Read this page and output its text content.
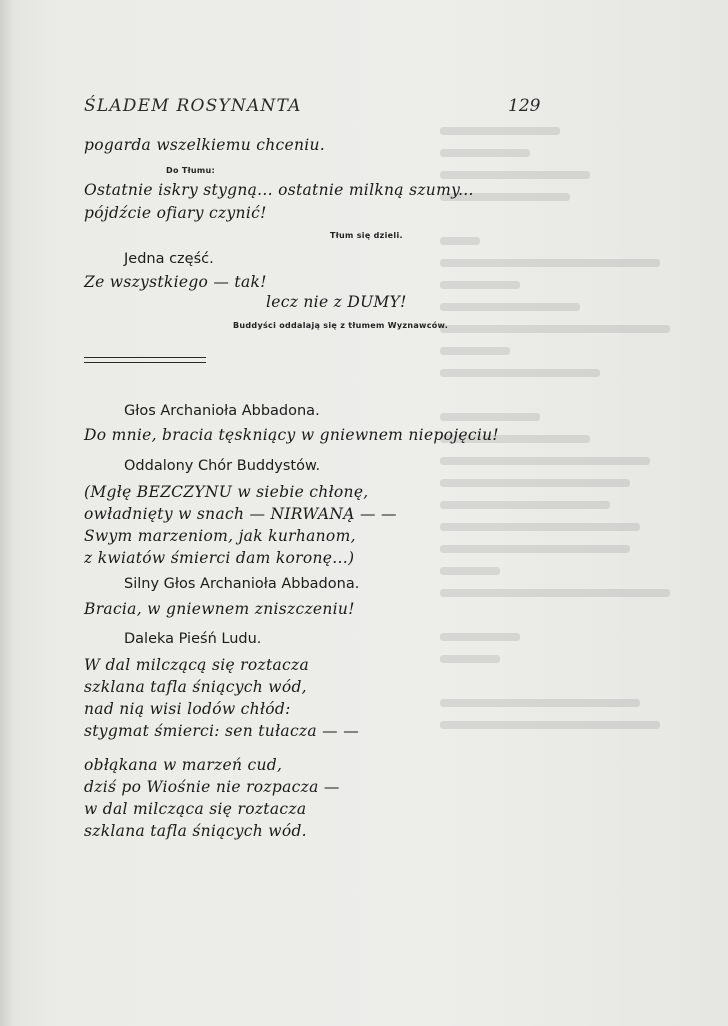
ŚLADEM ROSYNANTA	129
pogarda wszelkiemu chceniu.
Do Tłumu:
Ostatnie iskry stygną... ostatnie milkną szumy...
pójdźcie ofiary czynić!
Tłum się dzieli.
Jedna część.
Ze wszystkiego — tak!
lecz nie z DUMY!
Buddyści oddalają się z tłumem Wyznawców.
Głos Archanioła Abbadona.
Do mnie, bracia tęskniący w gniewnem niepojęciu!
Oddalony Chór Buddystów.
(Mgłę BEZCZYNU w siebie chłonę,
owładnięty w snach — NIRWANĄ — —
Swym marzeniom, jak kurhanom,
z kwiatów śmierci dam koronę...)
Silny Głos Archanioła Abbadona.
Bracia, w gniewnem zniszczeniu!
Daleka Pieśń Ludu.
W dal milczącą się roztacza
szklana tafla śniących wód,
nad nią wisi lodów chłód:
stygmat śmierci: sen tułacza — —
obłąkana w marzeń cud,
dziś po Wiośnie nie rozpacza —
w dal milcząca się roztacza
szklana tafla śniących wód.
